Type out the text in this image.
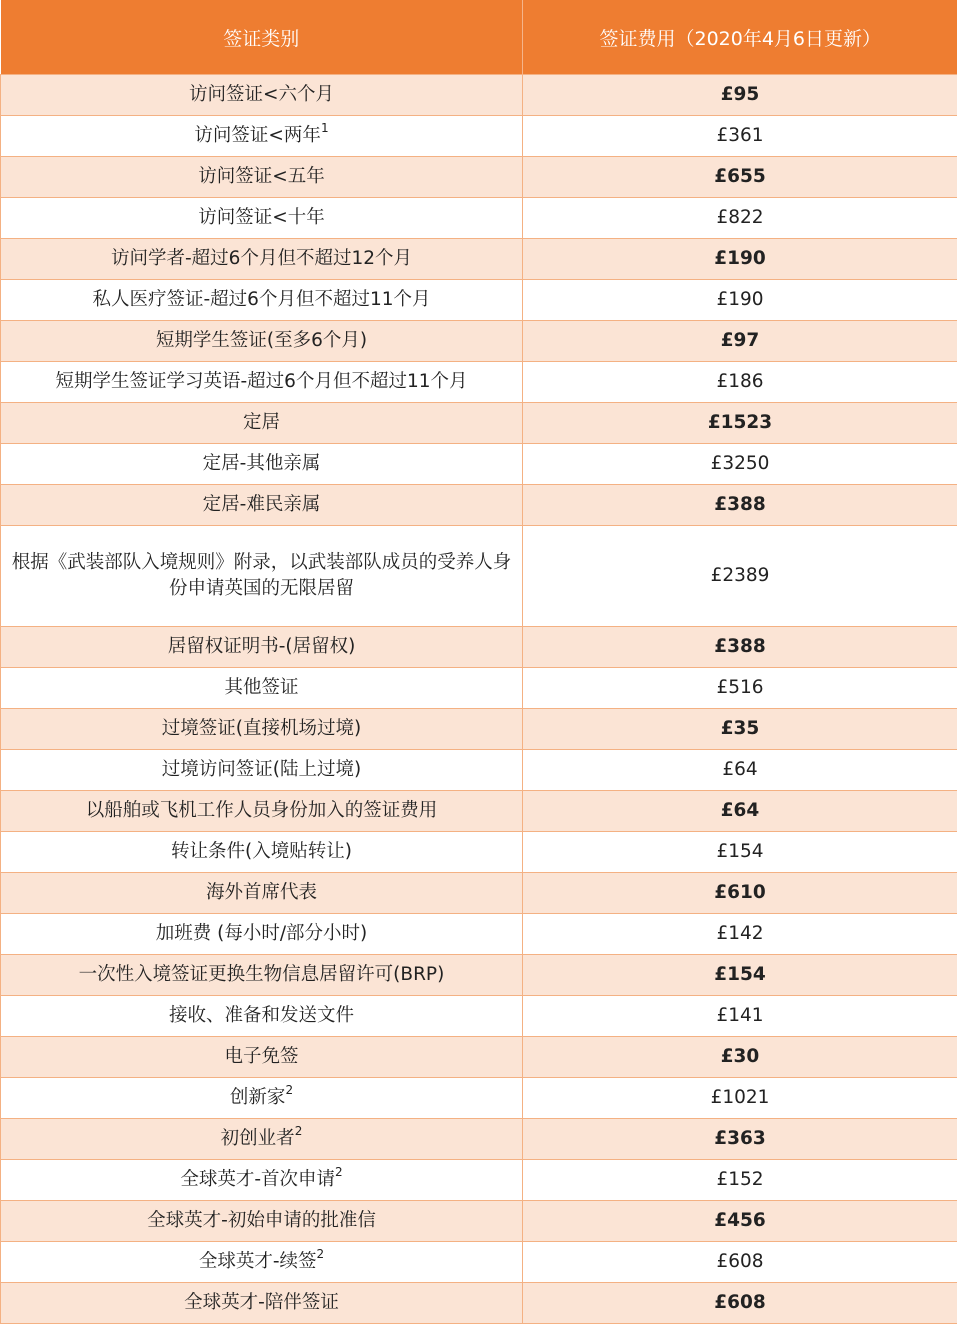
签证类别	签证费用（2020年4月6日更新）
访问签证<六个月	£95
访问签证<两年$^1$	£361
访问签证<五年	£655
访问签证<十年	£822
访问学者-超过6个月但不超过12个月	£190
私人医疗签证-超过6个月但不超过11个月	£190
短期学生签证(至多6个月)	£97
短期学生签证学习英语-超过6个月但不超过11个月	£186
定居	£1523
定居-其他亲属	£3250
定居-难民亲属	£388
根据《武装部队入境规则》附录，以武装部队成员的受养人身份申请英国的无限居留	£2389
居留权证明书-(居留权)	£388
其他签证	£516
过境签证(直接机场过境)	£35
过境访问签证(陆上过境)	£64
以船舶或飞机工作人员身份加入的签证费用	£64
转让条件(入境贴转让)	£154
海外首席代表	£610
加班费 (每小时/部分小时)	£142
一次性入境签证更换生物信息居留许可(BRP)	£154
接收、准备和发送文件	£141
电子免签	£30
创新家$^2$	£1021
初创业者$^2$	£363
全球英才-首次申请$^2$	£152
全球英才-初始申请的批准信	£456
全球英才-续签$^2$	£608
全球英才-陪伴签证	£608
